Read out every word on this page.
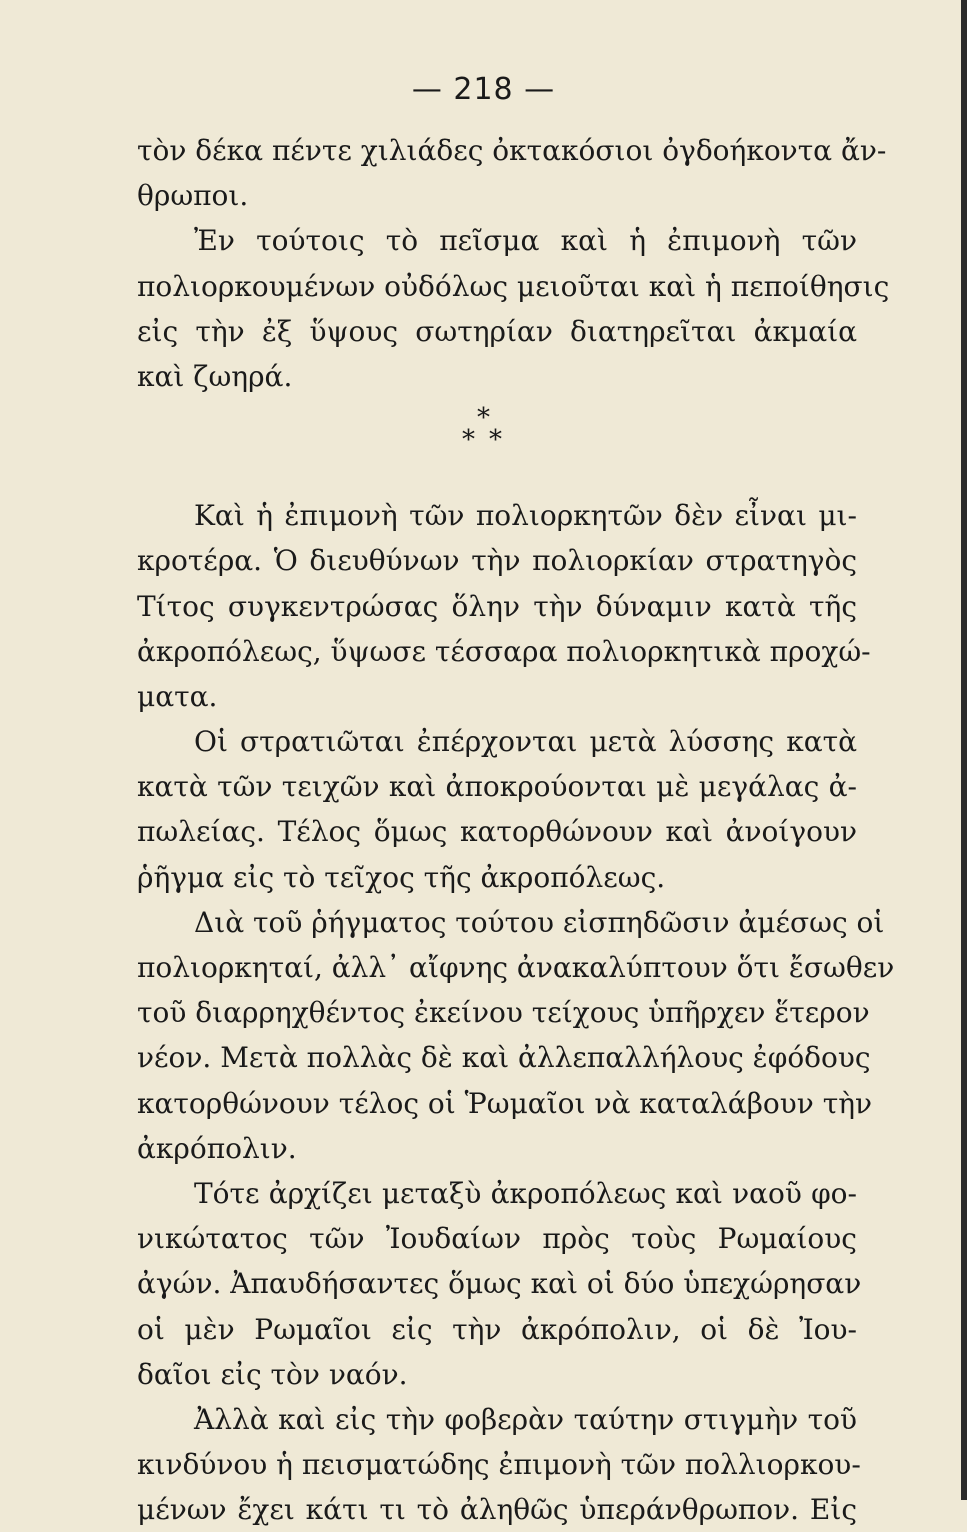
— 218 —
τὸν δέκα πέντε χιλιάδες ὀκτακόσιοι ὀγδοήκοντα ἄν-
θρωποι.
Ἐν τούτοις τὸ πεῖσμα καὶ ἡ ἐπιμονὴ τῶν
πολιορκουμένων οὐδόλως μειοῦται καὶ ἡ πεποίθησις
εἰς τὴν ἐξ ὕψους σωτηρίαν διατηρεῖται ἀκμαία
καὶ ζωηρά.
*
* *
Καὶ ἡ ἐπιμονὴ τῶν πολιορκητῶν δὲν εἶναι μι-
κροτέρα. Ὁ διευθύνων τὴν πολιορκίαν στρατηγὸς
Τίτος συγκεντρώσας ὅλην τὴν δύναμιν κατὰ τῆς
ἀκροπόλεως, ὕψωσε τέσσαρα πολιορκητικὰ προχώ-
ματα.
Οἱ στρατιῶται ἐπέρχονται μετὰ λύσσης κατὰ
κατὰ τῶν τειχῶν καὶ ἀποκρούονται μὲ μεγάλας ἀ-
πωλείας. Τέλος ὅμως κατορθώνουν καὶ ἀνοίγουν
ῥῆγμα εἰς τὸ τεῖχος τῆς ἀκροπόλεως.
Διὰ τοῦ ῥήγματος τούτου εἰσπηδῶσιν ἀμέσως οἱ
πολιορκηταί, ἀλλ᾽ αἴφνης ἀνακαλύπτουν ὅτι ἔσωθεν
τοῦ διαρρηχθέντος ἐκείνου τείχους ὑπῆρχεν ἕτερον
νέον. Μετὰ πολλὰς δὲ καὶ ἀλλεπαλλήλους ἐφόδους
κατορθώνουν τέλος οἱ Ῥωμαῖοι νὰ καταλάβουν τὴν
ἀκρόπολιν.
Τότε ἀρχίζει μεταξὺ ἀκροπόλεως καὶ ναοῦ φο-
νικώτατος τῶν Ἰουδαίων πρὸς τοὺς Ρωμαίους
ἀγών. Ἀπαυδήσαντες ὅμως καὶ οἱ δύο ὑπεχώρησαν
οἱ μὲν Ρωμαῖοι εἰς τὴν ἀκρόπολιν, οἱ δὲ Ἰου-
δαῖοι εἰς τὸν ναόν.
Ἀλλὰ καὶ εἰς τὴν φοβερὰν ταύτην στιγμὴν τοῦ
κινδύνου ἡ πεισματώδης ἐπιμονὴ τῶν πολλιορκου-
μένων ἔχει κάτι τι τὸ ἀληθῶς ὑπεράνθρωπον. Εἰς
